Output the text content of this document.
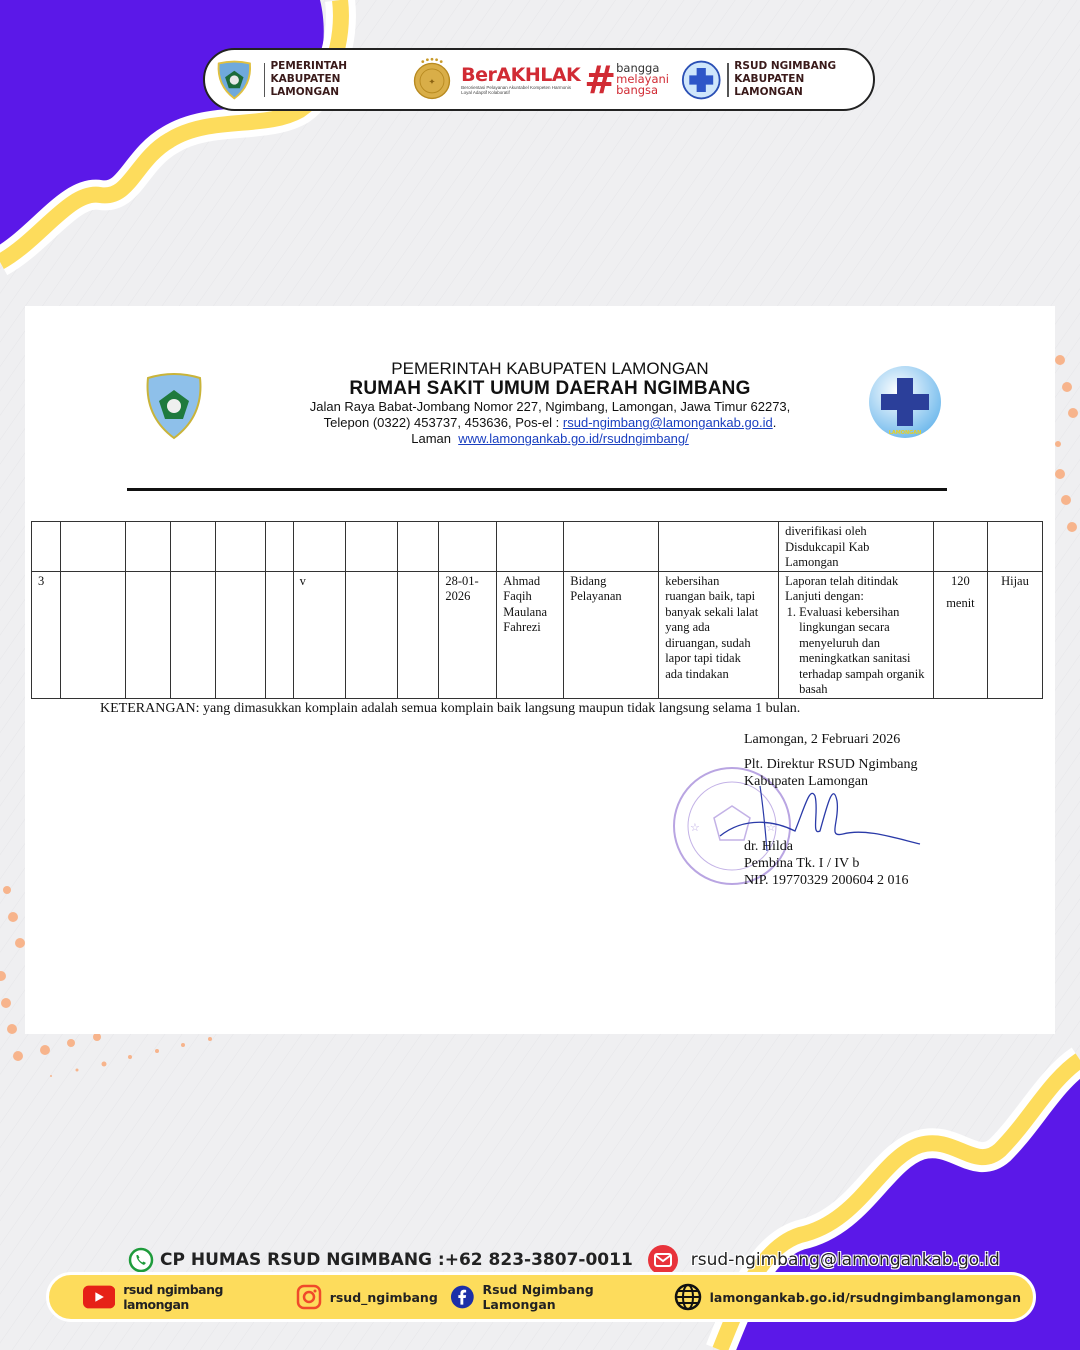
PEMERINTAH
KABUPATEN LAMONGAN
✦ BerAKHLAK
Berorientasi Pelayanan Akuntabel Kompeten Harmonis Loyal Adaptif Kolaboratif	# bangga
melayani
bangsa
RSUD NGIMBANG
KABUPATEN LAMONGAN
PEMERINTAH KABUPATEN LAMONGAN
RUMAH SAKIT UMUM DAERAH NGIMBANG
Jalan Raya Babat-Jombang Nomor 227, Ngimbang, Lamongan, Jawa Timur 62273,
Telepon (0322) 453737, 453636, Pos-el : rsud-ngimbang@lamongankab.go.id.
Laman www.lamongankab.go.id/rsudngimbang/	LAMONGAN

diverifikasi oleh
Disdukcapil Kab
Lamongan

3						v			28-01-
2026

Ahmad
Faqih
Maulana
Fahrezi

Bidang
Pelayanan

kebersihan
ruangan baik, tapi
banyak sekali lalat
yang ada
diruangan, sudah
lapor tapi tidak
ada tindakan

Laporan telah ditindak
Lanjuti dengan:
1. Evaluasi kebersihan lingkungan secara menyeluruh dan meningkatkan sanitasi terhadap sampah organik basah

120
menit
	Hijau
KETERANGAN: yang dimasukkan komplain adalah semua komplain baik langsung maupun tidak langsung selama 1 bulan.
☆	☆
Lamongan, 2 Februari 2026
Plt. Direktur RSUD Ngimbang
Kabupaten Lamongan
dr. Hilda
Pembina Tk. I / IV b
NIP. 19770329 200604 2 016
CP HUMAS RSUD NGIMBANG :+62 823-3807-0011	rsud-ngimbang@lamongankab.go.id
rsud ngimbang lamongan	rsud_ngimbang	Rsud Ngimbang Lamongan	lamongankab.go.id/rsudngimbanglamongan
